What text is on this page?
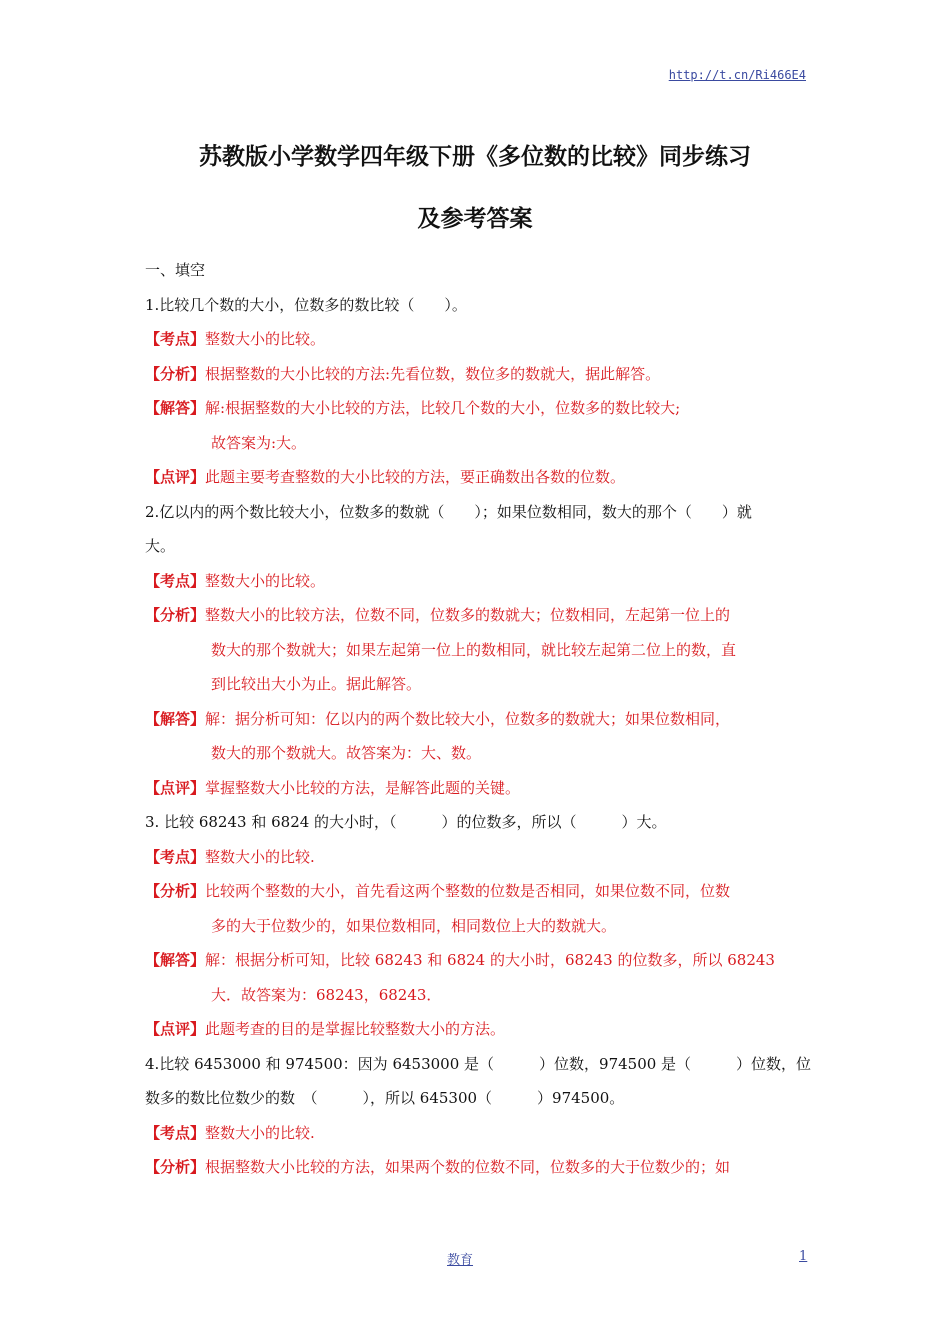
http://t.cn/Ri466E4
苏教版小学数学四年级下册《多位数的比较》同步练习
及参考答案
一、填空
1.比较几个数的大小，位数多的数比较（　　）。
【考点】整数大小的比较。
【分析】根据整数的大小比较的方法:先看位数，数位多的数就大，据此解答。
【解答】解:根据整数的大小比较的方法，比较几个数的大小，位数多的数比较大;
故答案为:大。
【点评】此题主要考查整数的大小比较的方法，要正确数出各数的位数。
2.亿以内的两个数比较大小，位数多的数就（　　）；如果位数相同，数大的那个（　　）就
大。
【考点】整数大小的比较。
【分析】整数大小的比较方法，位数不同，位数多的数就大；位数相同，左起第一位上的
数大的那个数就大；如果左起第一位上的数相同，就比较左起第二位上的数，直
到比较出大小为止。据此解答。
【解答】解：据分析可知：亿以内的两个数比较大小，位数多的数就大；如果位数相同，
数大的那个数就大。故答案为：大、数。
【点评】掌握整数大小比较的方法，是解答此题的关键。
3. 比较 68243 和 6824 的大小时，（　　　）的位数多，所以（　　　）大。
【考点】整数大小的比较.
【分析】比较两个整数的大小，首先看这两个整数的位数是否相同，如果位数不同，位数
多的大于位数少的，如果位数相同，相同数位上大的数就大。
【解答】解：根据分析可知，比较 68243 和 6824 的大小时，68243 的位数多，所以 68243
大．故答案为：68243，68243．
【点评】此题考查的目的是掌握比较整数大小的方法。
4.比较 6453000 和 974500：因为 6453000 是（　　　）位数，974500 是（　　　）位数，位
数多的数比位数少的数　（　　　），所以 645300（　　　）974500。
【考点】整数大小的比较.
【分析】根据整数大小比较的方法，如果两个数的位数不同，位数多的大于位数少的；如
教育	1
